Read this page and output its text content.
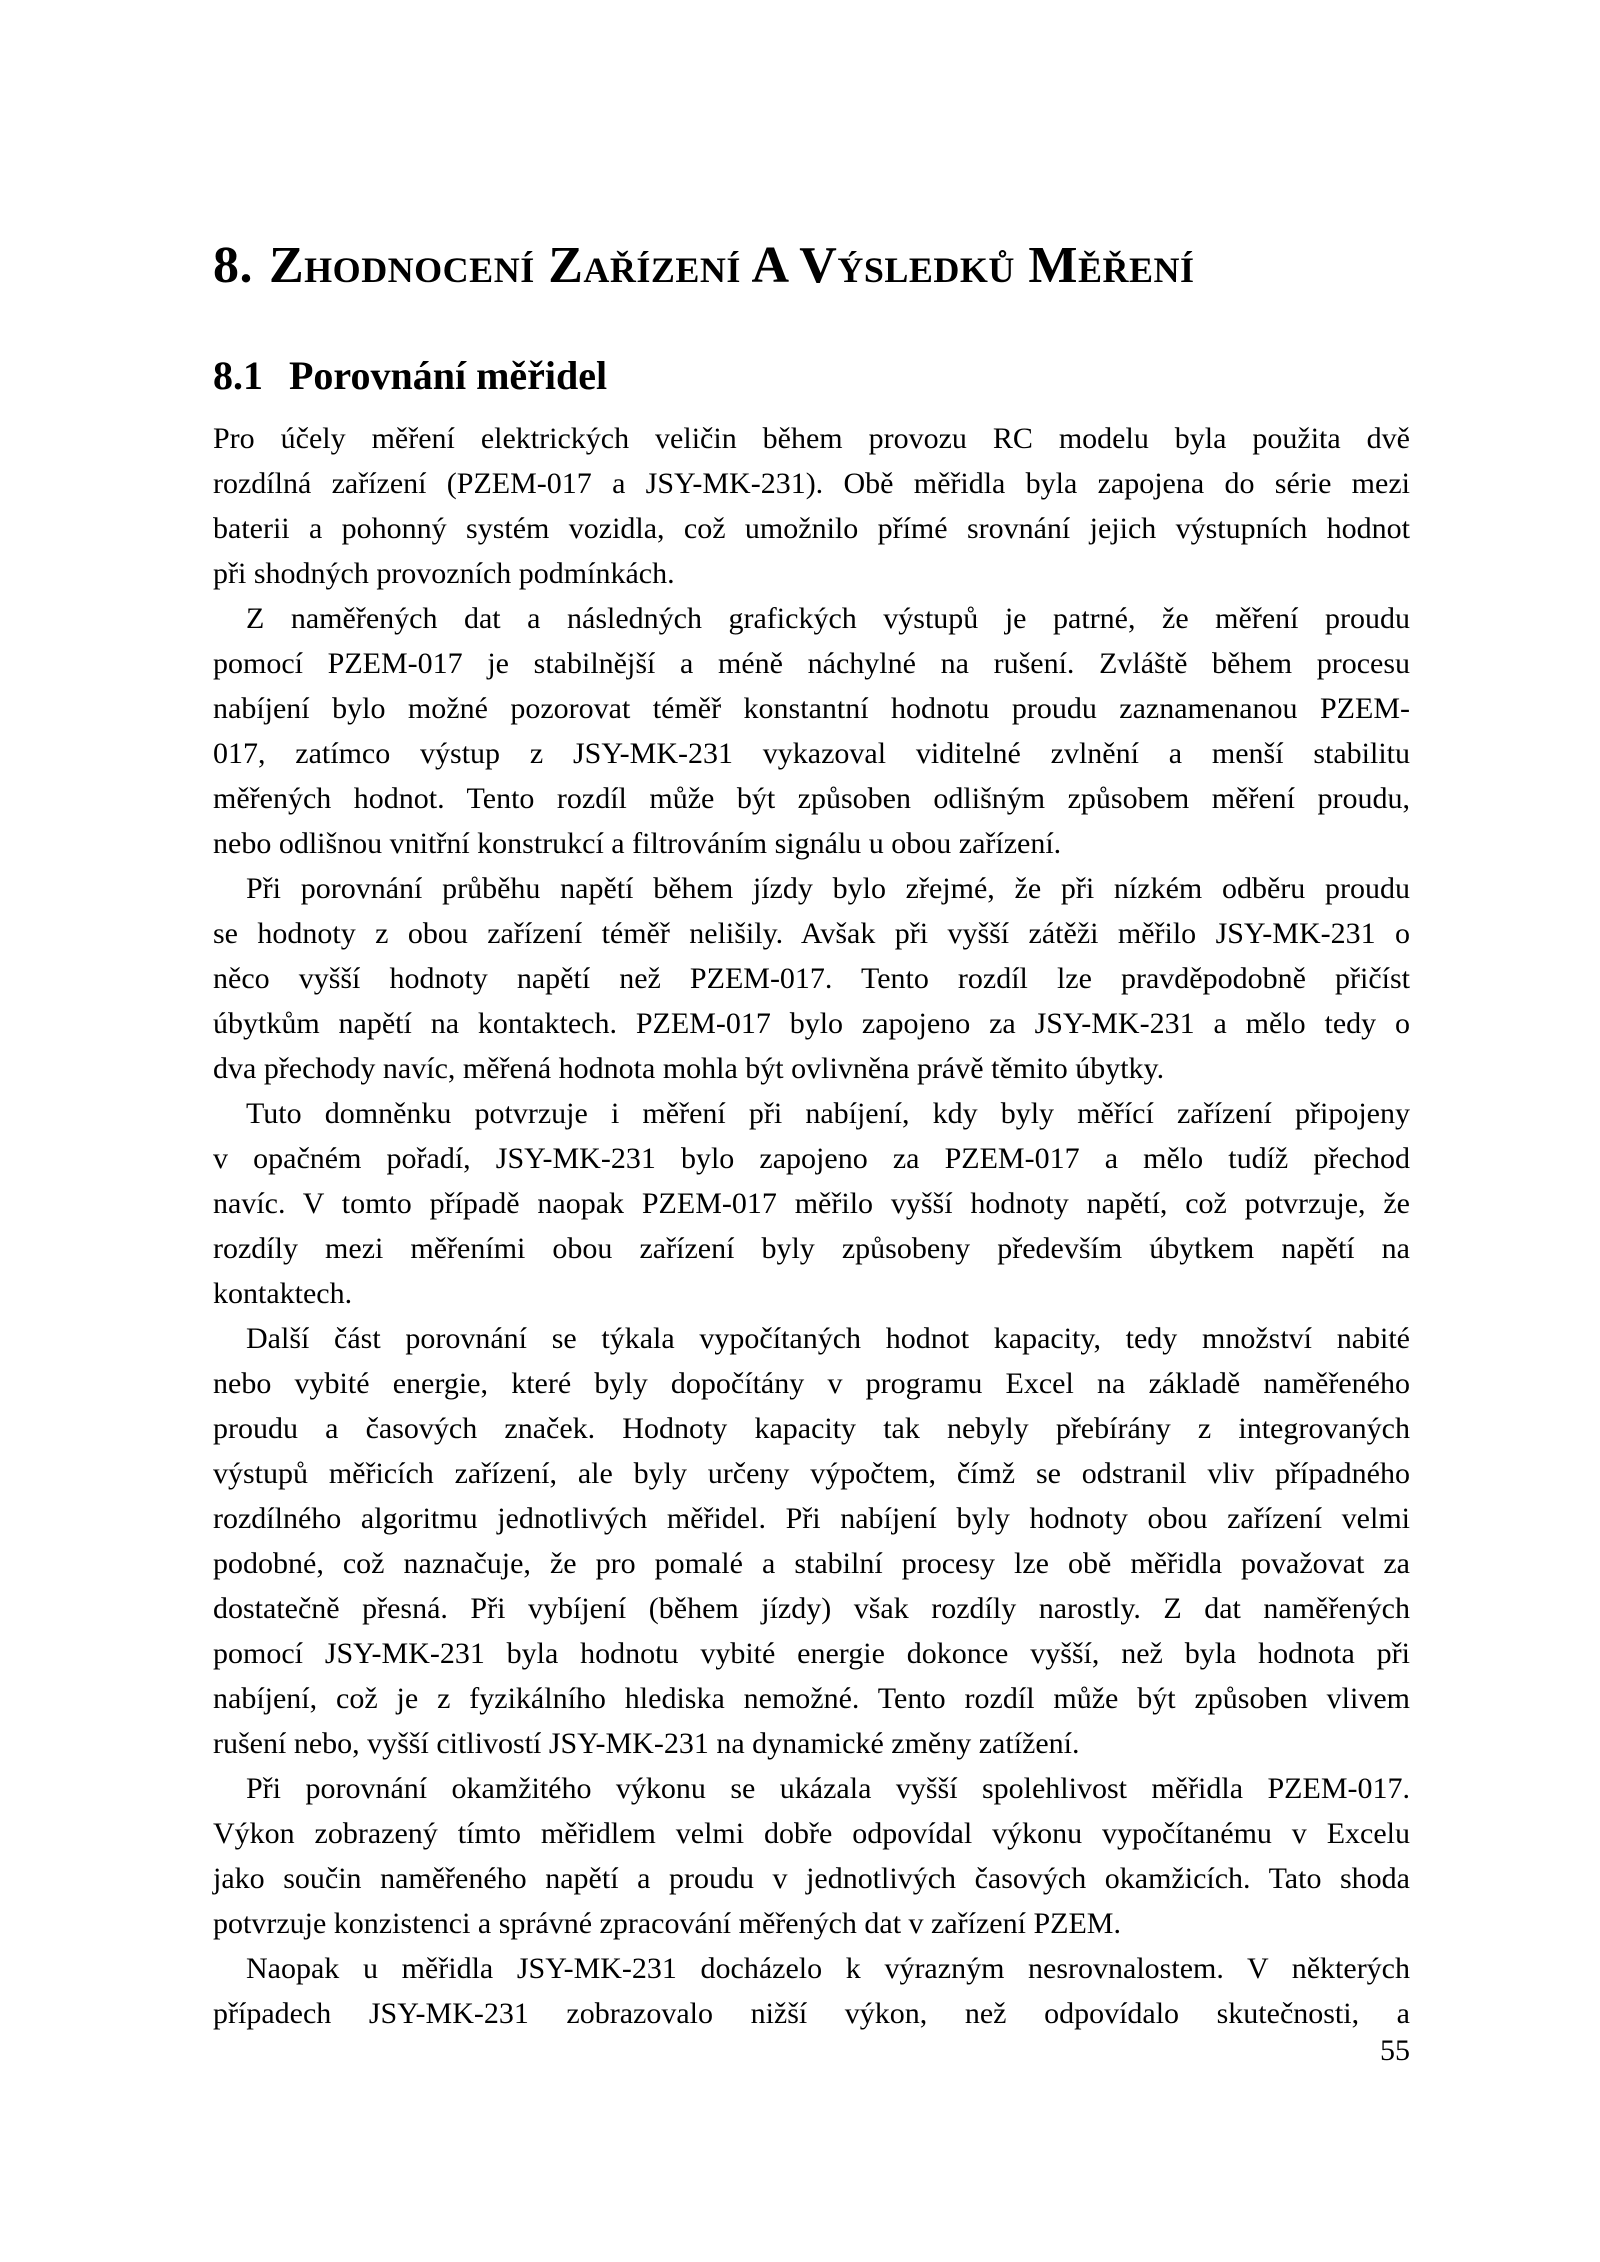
8. Zhodnocení Zařízení A Výsledků Měření
8.1 Porovnání měřidel

Pro účely měření elektrických veličin během provozu RC modelu byla použita dvě
rozdílná zařízení (PZEM-017 a JSY-MK-231). Obě měřidla byla zapojena do série mezi
baterii a pohonný systém vozidla, což umožnilo přímé srovnání jejich výstupních hodnot
při shodných provozních podmínkách.

Z naměřených dat a následných grafických výstupů je patrné, že měření proudu
pomocí PZEM-017 je stabilnější a méně náchylné na rušení. Zvláště během procesu
nabíjení bylo možné pozorovat téměř konstantní hodnotu proudu zaznamenanou PZEM-
017, zatímco výstup z JSY-MK-231 vykazoval viditelné zvlnění a menší stabilitu
měřených hodnot. Tento rozdíl může být způsoben odlišným způsobem měření proudu,
nebo odlišnou vnitřní konstrukcí a filtrováním signálu u obou zařízení.

Při porovnání průběhu napětí během jízdy bylo zřejmé, že při nízkém odběru proudu
se hodnoty z obou zařízení téměř nelišily. Avšak při vyšší zátěži měřilo JSY-MK-231 o
něco vyšší hodnoty napětí než PZEM-017. Tento rozdíl lze pravděpodobně přičíst
úbytkům napětí na kontaktech. PZEM-017 bylo zapojeno za JSY-MK-231 a mělo tedy o
dva přechody navíc, měřená hodnota mohla být ovlivněna právě těmito úbytky.

Tuto domněnku potvrzuje i měření při nabíjení, kdy byly měřící zařízení připojeny
v opačném pořadí, JSY-MK-231 bylo zapojeno za PZEM-017 a mělo tudíž přechod
navíc. V tomto případě naopak PZEM-017 měřilo vyšší hodnoty napětí, což potvrzuje, že
rozdíly mezi měřeními obou zařízení byly způsobeny především úbytkem napětí na
kontaktech.

Další část porovnání se týkala vypočítaných hodnot kapacity, tedy množství nabité
nebo vybité energie, které byly dopočítány v programu Excel na základě naměřeného
proudu a časových značek. Hodnoty kapacity tak nebyly přebírány z integrovaných
výstupů měřicích zařízení, ale byly určeny výpočtem, čímž se odstranil vliv případného
rozdílného algoritmu jednotlivých měřidel. Při nabíjení byly hodnoty obou zařízení velmi
podobné, což naznačuje, že pro pomalé a stabilní procesy lze obě měřidla považovat za
dostatečně přesná. Při vybíjení (během jízdy) však rozdíly narostly. Z dat naměřených
pomocí JSY-MK-231 byla hodnotu vybité energie dokonce vyšší, než byla hodnota při
nabíjení, což je z fyzikálního hlediska nemožné. Tento rozdíl může být způsoben vlivem
rušení nebo, vyšší citlivostí JSY-MK-231 na dynamické změny zatížení.

Při porovnání okamžitého výkonu se ukázala vyšší spolehlivost měřidla PZEM-017.
Výkon zobrazený tímto měřidlem velmi dobře odpovídal výkonu vypočítanému v Excelu
jako součin naměřeného napětí a proudu v jednotlivých časových okamžicích. Tato shoda
potvrzuje konzistenci a správné zpracování měřených dat v zařízení PZEM.

Naopak u měřidla JSY-MK-231 docházelo k výrazným nesrovnalostem. V některých
případech JSY-MK-231 zobrazovalo nižší výkon, než odpovídalo skutečnosti, a

55
